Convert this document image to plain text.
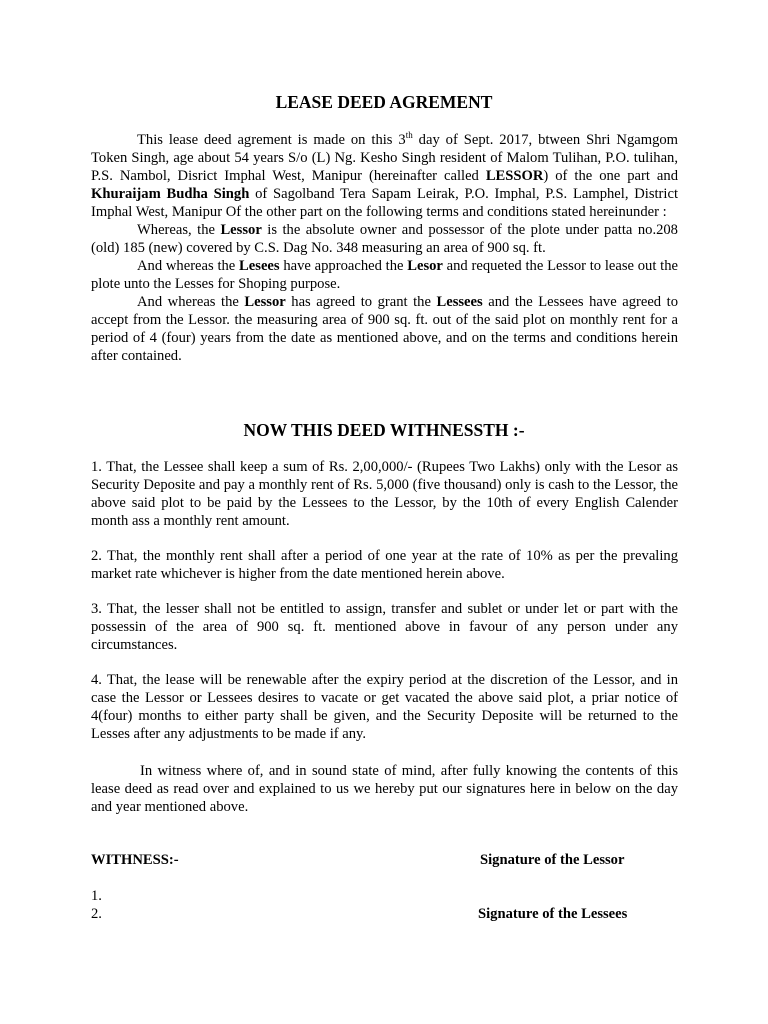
LEASE DEED AGREMENT

This lease deed agrement is made on this 3th day of Sept. 2017, btween Shri Ngamgom Token Singh, age about 54 years S/o (L) Ng. Kesho Singh resident of Malom Tulihan, P.O. tulihan, P.S. Nambol, Disrict Imphal West, Manipur (hereinafter called LESSOR) of the one part and Khuraijam Budha Singh of Sagolband Tera Sapam Leirak, P.O. Imphal, P.S. Lamphel, District Imphal West, Manipur Of the other part on the following terms and conditions stated hereinunder :

Whereas, the Lessor is the absolute owner and possessor of the plote under patta no.208 (old) 185 (new) covered by C.S. Dag No. 348 measuring an area of 900 sq. ft.

And whereas the Lesees have approached the Lesor and requeted the Lessor to lease out the plote unto the Lesses for Shoping purpose.

And whereas the Lessor has agreed to grant the Lessees and the Lessees have agreed to accept from the Lessor. the measuring area of 900 sq. ft. out of the said plot on monthly rent for a period of 4 (four) years from the date as mentioned above, and on the terms and conditions herein after contained.

NOW THIS DEED WITHNESSTH :-

1. That, the Lessee shall keep a sum of Rs. 2,00,000/- (Rupees Two Lakhs) only with the Lesor as Security Deposite and pay a monthly rent of Rs. 5,000 (five thousand) only is cash to the Lessor, the above said plot to be paid by the Lessees to the Lessor, by the 10th of every English Calender month ass a monthly rent amount.

2. That, the monthly rent shall after a period of one year at the rate of 10% as per the prevaling market rate whichever is higher from the date mentioned herein above.

3. That, the lesser shall not be entitled to assign, transfer and sublet or under let or part with the possessin of the area of 900 sq. ft. mentioned above in favour of any person under any circumstances.

4. That, the lease will be renewable after the expiry period at the discretion of the Lessor, and in case the Lessor or Lessees desires to vacate or get vacated the above said plot, a priar notice of 4(four) months to either party shall be given, and the Security Deposite will be returned to the Lesses after any adjustments to be made if any.

In witness where of, and in sound state of mind, after fully knowing the contents of this lease deed as read over and explained to us we hereby put our signatures here in below on the day and year mentioned above.

WITHNESS:-	Signature of the Lessor
1.
2.	Signature of the Lessees
